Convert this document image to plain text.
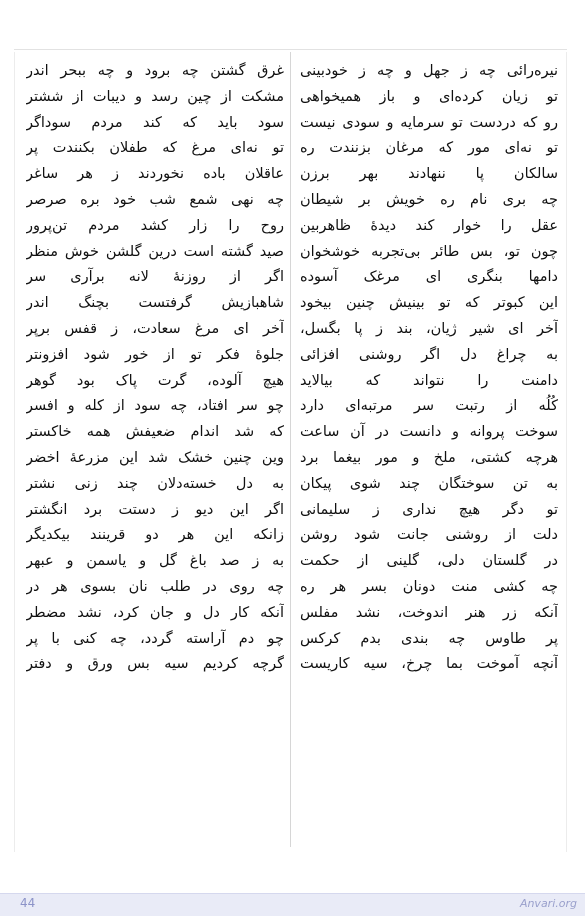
نیره‌رائی چه ز جهل و چه ز خودبینی
تو زیان کرده‌ای و باز همیخواهی
رو که دردست تو سرمایه و سودی نیست
تو نه‌ای مور که مرغان بزنندت ره
سالکان پا ننهادند بهر برزن
چه بری نام ره خویش بر شیطان
عقل را خوار کند دیدهٔ ظاهربین
چون تو، بس طائر بی‌تجربه خوشخوان
دامها بنگری ای مرغک آسوده
این کبوتر که تو بینیش چنین بیخود
آخر ای شیر ژیان، بند ز پا بگسل،
به چراغ دل اگر روشنی افزائی
دامنت را نتواند که بیالاید
کُلُه از رتبت سر مرتبه‌ای دارد
سوخت پروانه و دانست در آن ساعت
هرچه کشتی، ملخ و مور بیغما برد
به تن سوختگان چند شوی پیکان
تو دگر هیچ نداری ز سلیمانی
دلت از روشنی جانت شود روشن
در گلستان دلی، گلینی از حکمت
چه کشی منت دونان بسر هر ره
آنکه زر هنر اندوخت، نشد مفلس
پر طاوس چه بندی بدم کرکس
آنچه آموخت بما چرخ، سیه کاریست
غرق گشتن چه برود و چه ببحر اندر
مشکت از چین رسد و دیبات از ششتر
سود باید که کند مردم سوداگر
تو نه‌ای مرغ که طفلان بکنندت پر
عاقلان باده نخوردند ز هر ساغر
چه نهی شمع شب خود بره صرصر
روح را زار کشد مردم تن‌پرور
صید گشته است درین گلشن خوش منظر
اگر از روزنهٔ لانه برآری سر
شاهبازیش گرفتست بچنگ اندر
آخر ای مرغ سعادت، ز قفس برپر
جلوهٔ فکر تو از خور شود افزونتر
هیچ آلوده، گرت پاک بود گوهر
چو سر افتاد، چه سود از کله و افسر
که شد اندام ضعیفش همه خاکستر
وین چنین خشک شد این مزرعهٔ اخضر
به دل خسته‌دلان چند زنی نشتر
اگر این دیو ز دستت برد انگشتر
زانکه این هر دو قرینند بیکدیگر
به ز صد باغ گل و یاسمن و عبهر
چه روی در طلب نان بسوی هر در
آنکه کار دل و جان کرد، نشد مضطر
چو دم آراسته گردد، چه کنی با پر
گرچه کردیم سیه بس ورق و دفتر
44	Anvari.org
